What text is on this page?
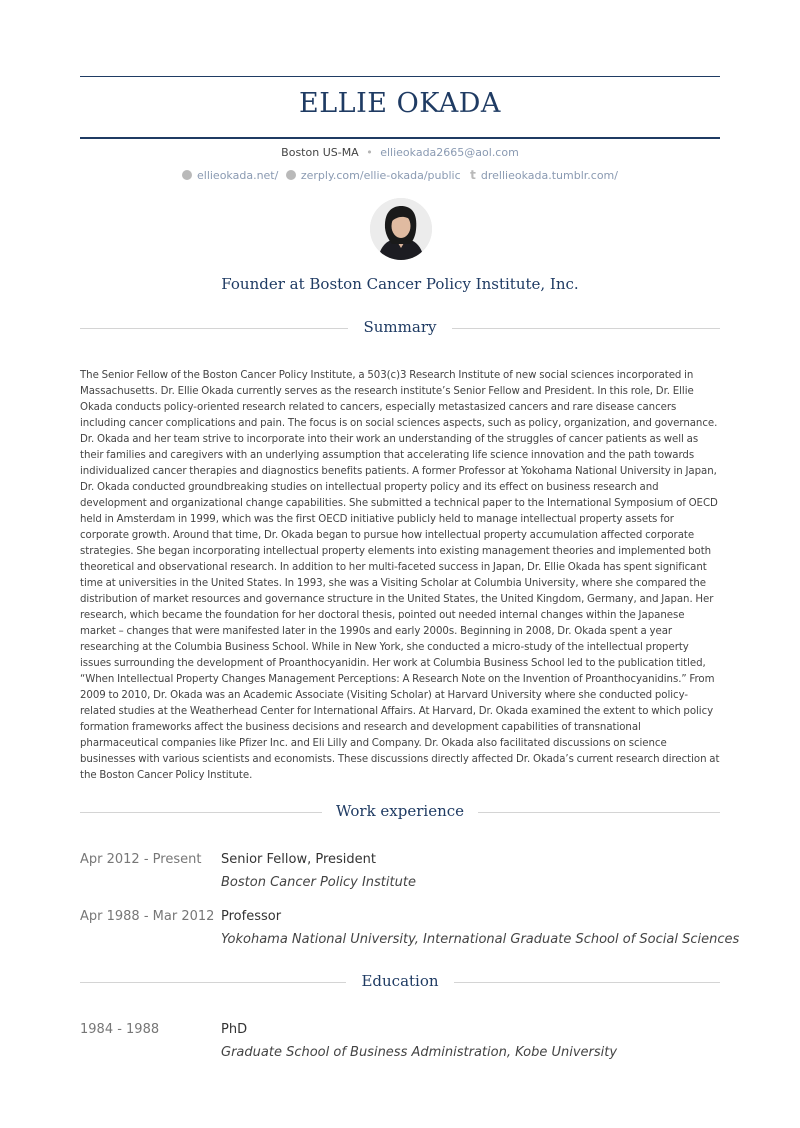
ELLIE OKADA
Boston US-MA • ellieokada2665@aol.com
ellieokada.net/ zerply.com/ellie-okada/public t drellieokada.tumblr.com/
Founder at Boston Cancer Policy Institute, Inc.
Summary
The Senior Fellow of the Boston Cancer Policy Institute, a 503(c)3 Research Institute of new social sciences incorporated in Massachusetts. Dr. Ellie Okada currently serves as the research institute’s Senior Fellow and President. In this role, Dr. Ellie Okada conducts policy-oriented research related to cancers, especially metastasized cancers and rare disease cancers including cancer complications and pain. The focus is on social sciences aspects, such as policy, organization, and governance. Dr. Okada and her team strive to incorporate into their work an understanding of the struggles of cancer patients as well as their families and caregivers with an underlying assumption that accelerating life science innovation and the path towards individualized cancer therapies and diagnostics benefits patients. A former Professor at Yokohama National University in Japan, Dr. Okada conducted groundbreaking studies on intellectual property policy and its effect on business research and development and organizational change capabilities. She submitted a technical paper to the International Symposium of OECD held in Amsterdam in 1999, which was the first OECD initiative publicly held to manage intellectual property assets for corporate growth. Around that time, Dr. Okada began to pursue how intellectual property accumulation affected corporate strategies. She began incorporating intellectual property elements into existing management theories and implemented both theoretical and observational research. In addition to her multi-faceted success in Japan, Dr. Ellie Okada has spent significant time at universities in the United States. In 1993, she was a Visiting Scholar at Columbia University, where she compared the distribution of market resources and governance structure in the United States, the United Kingdom, Germany, and Japan. Her research, which became the foundation for her doctoral thesis, pointed out needed internal changes within the Japanese market – changes that were manifested later in the 1990s and early 2000s. Beginning in 2008, Dr. Okada spent a year researching at the Columbia Business School. While in New York, she conducted a micro-study of the intellectual property issues surrounding the development of Proanthocyanidin. Her work at Columbia Business School led to the publication titled, “When Intellectual Property Changes Management Perceptions: A Research Note on the Invention of Proanthocyanidins.” From 2009 to 2010, Dr. Okada was an Academic Associate (Visiting Scholar) at Harvard University where she conducted policy-related studies at the Weatherhead Center for International Affairs. At Harvard, Dr. Okada examined the extent to which policy formation frameworks affect the business decisions and research and development capabilities of transnational pharmaceutical companies like Pfizer Inc. and Eli Lilly and Company. Dr. Okada also facilitated discussions on science businesses with various scientists and economists. These discussions directly affected Dr. Okada’s current research direction at the Boston Cancer Policy Institute.
Work experience
Apr 2012 - Present Senior Fellow, President
Boston Cancer Policy Institute
Apr 1988 - Mar 2012 Professor
Yokohama National University, International Graduate School of Social Sciences
Education
1984 - 1988	PhD
Graduate School of Business Administration, Kobe University
